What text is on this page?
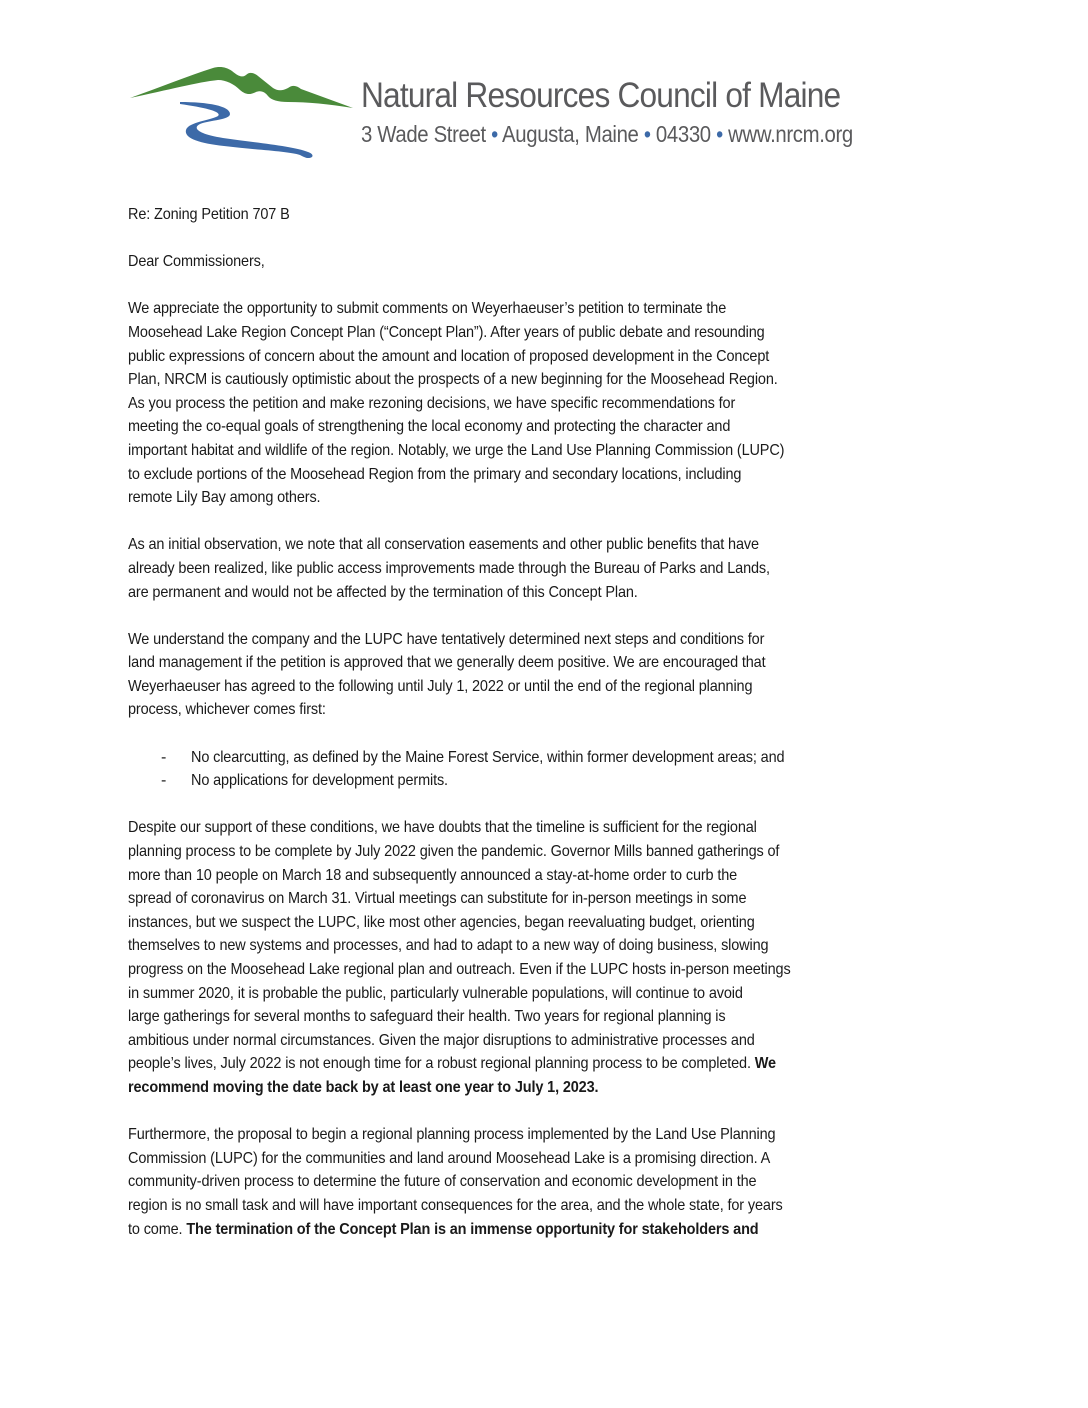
Natural Resources Council of Maine
3 Wade Street • Augusta, Maine • 04330 • www.nrcm.org
Re: Zoning Petition 707 B
Dear Commissioners,
We appreciate the opportunity to submit comments on Weyerhaeuser’s petition to terminate the
Moosehead Lake Region Concept Plan (“Concept Plan”). After years of public debate and resounding
public expressions of concern about the amount and location of proposed development in the Concept
Plan, NRCM is cautiously optimistic about the prospects of a new beginning for the Moosehead Region.
As you process the petition and make rezoning decisions, we have specific recommendations for
meeting the co-equal goals of strengthening the local economy and protecting the character and
important habitat and wildlife of the region. Notably, we urge the Land Use Planning Commission (LUPC)
to exclude portions of the Moosehead Region from the primary and secondary locations, including
remote Lily Bay among others.
As an initial observation, we note that all conservation easements and other public benefits that have
already been realized, like public access improvements made through the Bureau of Parks and Lands,
are permanent and would not be affected by the termination of this Concept Plan.
We understand the company and the LUPC have tentatively determined next steps and conditions for
land management if the petition is approved that we generally deem positive. We are encouraged that
Weyerhaeuser has agreed to the following until July 1, 2022 or until the end of the regional planning
process, whichever comes first:
- No clearcutting, as defined by the Maine Forest Service, within former development areas; and
- No applications for development permits.
Despite our support of these conditions, we have doubts that the timeline is sufficient for the regional
planning process to be complete by July 2022 given the pandemic. Governor Mills banned gatherings of
more than 10 people on March 18 and subsequently announced a stay-at-home order to curb the
spread of coronavirus on March 31. Virtual meetings can substitute for in-person meetings in some
instances, but we suspect the LUPC, like most other agencies, began reevaluating budget, orienting
themselves to new systems and processes, and had to adapt to a new way of doing business, slowing
progress on the Moosehead Lake regional plan and outreach. Even if the LUPC hosts in-person meetings
in summer 2020, it is probable the public, particularly vulnerable populations, will continue to avoid
large gatherings for several months to safeguard their health. Two years for regional planning is
ambitious under normal circumstances. Given the major disruptions to administrative processes and
people’s lives, July 2022 is not enough time for a robust regional planning process to be completed. We
recommend moving the date back by at least one year to July 1, 2023.
Furthermore, the proposal to begin a regional planning process implemented by the Land Use Planning
Commission (LUPC) for the communities and land around Moosehead Lake is a promising direction. A
community-driven process to determine the future of conservation and economic development in the
region is no small task and will have important consequences for the area, and the whole state, for years
to come. The termination of the Concept Plan is an immense opportunity for stakeholders and
